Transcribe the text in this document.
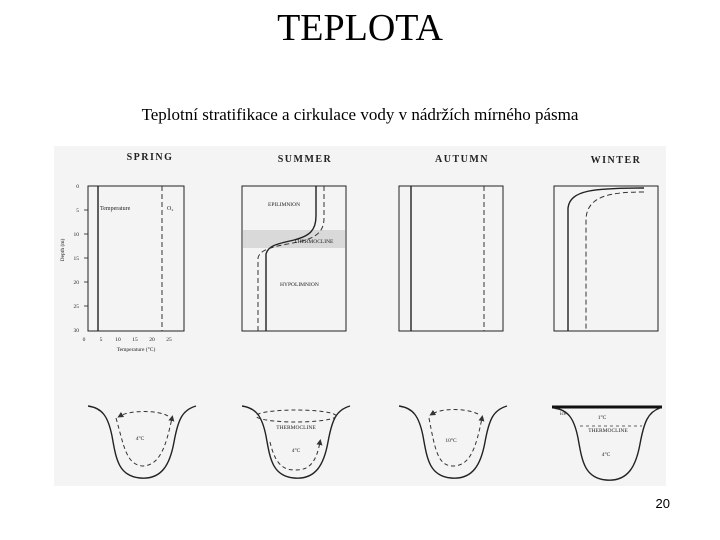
TEPLOTA
Teplotní stratifikace a cirkulace vody v nádržích mírného pásma
SPRING	SUMMER	AUTUMN	WINTER
Temperature	O₂
Depth (m)
0
5
10
15
20
25
30
0	5 10 15 20 25
Temperature (°C)
EPILIMNION
THERMOCLINE
HYPOLIMNION
4°C
THERMOCLINE
4°C
10°C
ice
1°C
THERMOCLINE
4°C
20
